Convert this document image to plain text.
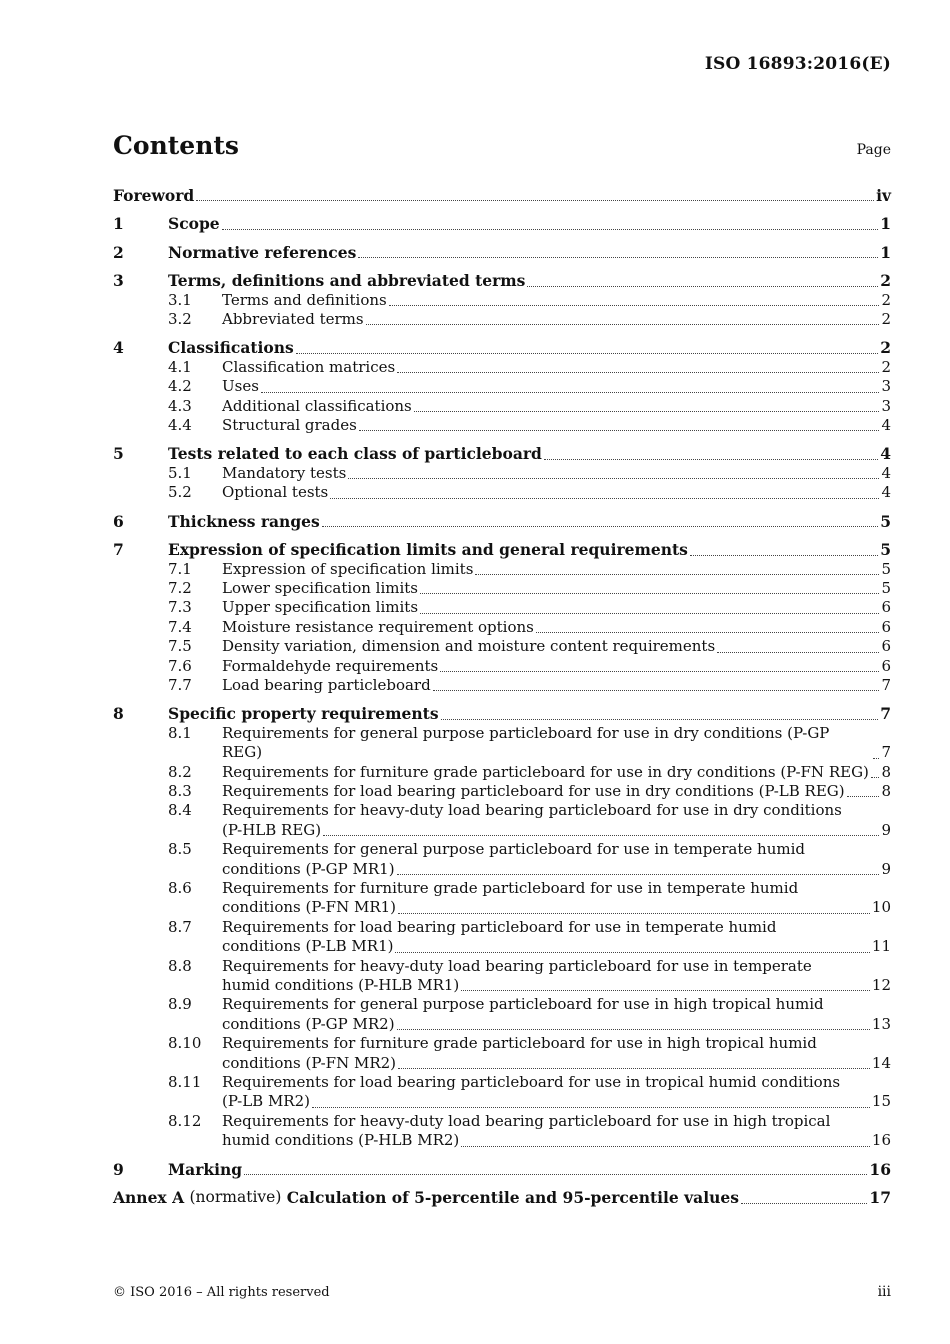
ISO 16893:2016(E)
Contents	Page
Foreword	iv
1	Scope	1
2	Normative references	1
3	Terms, definitions and abbreviated terms	2
3.1 Terms and definitions	2
3.2 Abbreviated terms	2
4	Classifications	2
4.1 Classification matrices	2
4.2 Uses	3
4.3 Additional classifications	3
4.4 Structural grades	4
5	Tests related to each class of particleboard	4
5.1 Mandatory tests	4
5.2 Optional tests	4
6	Thickness ranges	5
7	Expression of specification limits and general requirements	5
7.1 Expression of specification limits	5
7.2 Lower specification limits	5
7.3 Upper specification limits	6
7.4 Moisture resistance requirement options	6
7.5 Density variation, dimension and moisture content requirements	6
7.6 Formaldehyde requirements	6
7.7 Load bearing particleboard	7
8	Specific property requirements	7
8.1 Requirements for general purpose particleboard for use in dry conditions (P-GP REG)	7
8.2 Requirements for furniture grade particleboard for use in dry conditions (P-FN REG) 8
8.3 Requirements for load bearing particleboard for use in dry conditions (P-LB REG) 8
8.4 Requirements for heavy-duty load bearing particleboard for use in dry conditions
(P-HLB REG)	9
8.5 Requirements for general purpose particleboard for use in temperate humid
conditions (P-GP MR1)	9
8.6 Requirements for furniture grade particleboard for use in temperate humid
conditions (P-FN MR1)	10
8.7 Requirements for load bearing particleboard for use in temperate humid
conditions (P-LB MR1)	11
8.8 Requirements for heavy-duty load bearing particleboard for use in temperate
humid conditions (P-HLB MR1)	12
8.9 Requirements for general purpose particleboard for use in high tropical humid
conditions (P-GP MR2)	13
8.10 Requirements for furniture grade particleboard for use in high tropical humid
conditions (P-FN MR2)	14
8.11 Requirements for load bearing particleboard for use in tropical humid conditions
(P-LB MR2)	15
8.12 Requirements for heavy-duty load bearing particleboard for use in high tropical
humid conditions (P-HLB MR2)	16
9	Marking	16
Annex A
(normative)
Calculation of 5-percentile and 95-percentile values	17
© ISO 2016 – All rights reserved	iii
